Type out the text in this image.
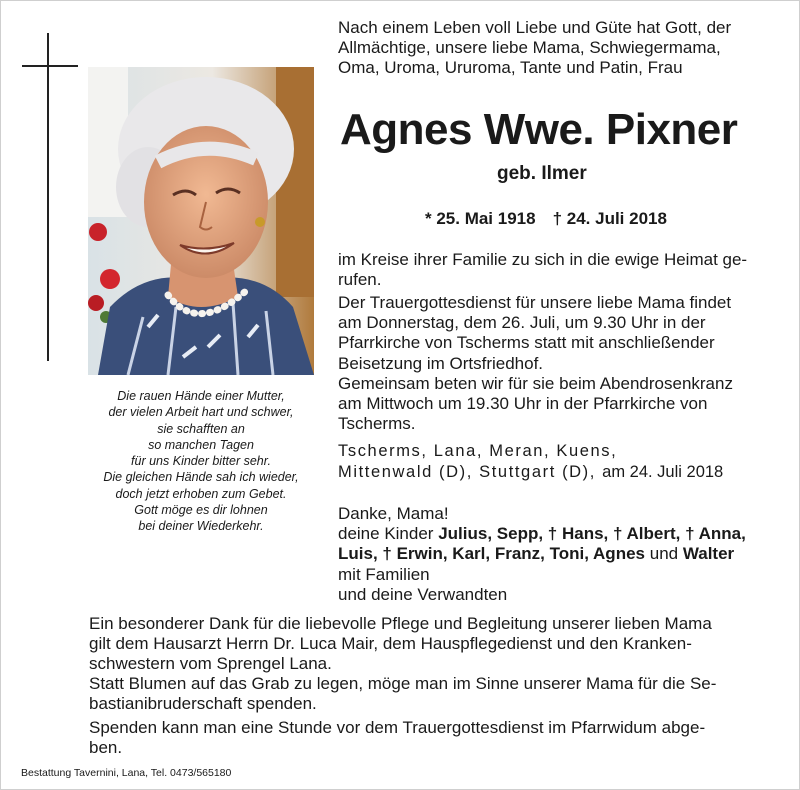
Die rauen Hände einer Mutter,
der vielen Arbeit hart und schwer,
sie schafften an
so manchen Tagen
für uns Kinder bitter sehr.
Die gleichen Hände sah ich wieder,
doch jetzt erhoben zum Gebet.
Gott möge es dir lohnen
bei deiner Wiederkehr.
Nach einem Leben voll Liebe und Güte hat Gott, der
Allmächtige, unsere liebe Mama, Schwiegermama,
Oma, Uroma, Ururoma, Tante und Patin, Frau
Agnes Wwe. Pixner
geb. Ilmer
* 25. Mai 1918 † 24. Juli 2018
im Kreise ihrer Familie zu sich in die ewige Heimat ge-
rufen.
Der Trauergottesdienst für unsere liebe Mama findet
am Donnerstag, dem 26. Juli, um 9.30 Uhr in der
Pfarrkirche von Tscherms statt mit anschließender
Beisetzung im Ortsfriedhof.
Gemeinsam beten wir für sie beim Abendrosenkranz
am Mittwoch um 19.30 Uhr in der Pfarrkirche von
Tscherms.
Tscherms, Lana, Meran, Kuens,
Mittenwald (D), Stuttgart (D), am 24. Juli 2018
Danke, Mama!
deine Kinder Julius, Sepp, † Hans, † Albert, † Anna,
Luis, † Erwin, Karl, Franz, Toni, Agnes und Walter
mit Familien
und deine Verwandten
Ein besonderer Dank für die liebevolle Pflege und Begleitung unserer lieben Mama
gilt dem Hausarzt Herrn Dr. Luca Mair, dem Hauspflegedienst und den Kranken-
schwestern vom Sprengel Lana.
Statt Blumen auf das Grab zu legen, möge man im Sinne unserer Mama für die Se-
bastianibruderschaft spenden.
Spenden kann man eine Stunde vor dem Trauergottesdienst im Pfarrwidum abge-
ben.
Bestattung Tavernini, Lana, Tel. 0473/565180
